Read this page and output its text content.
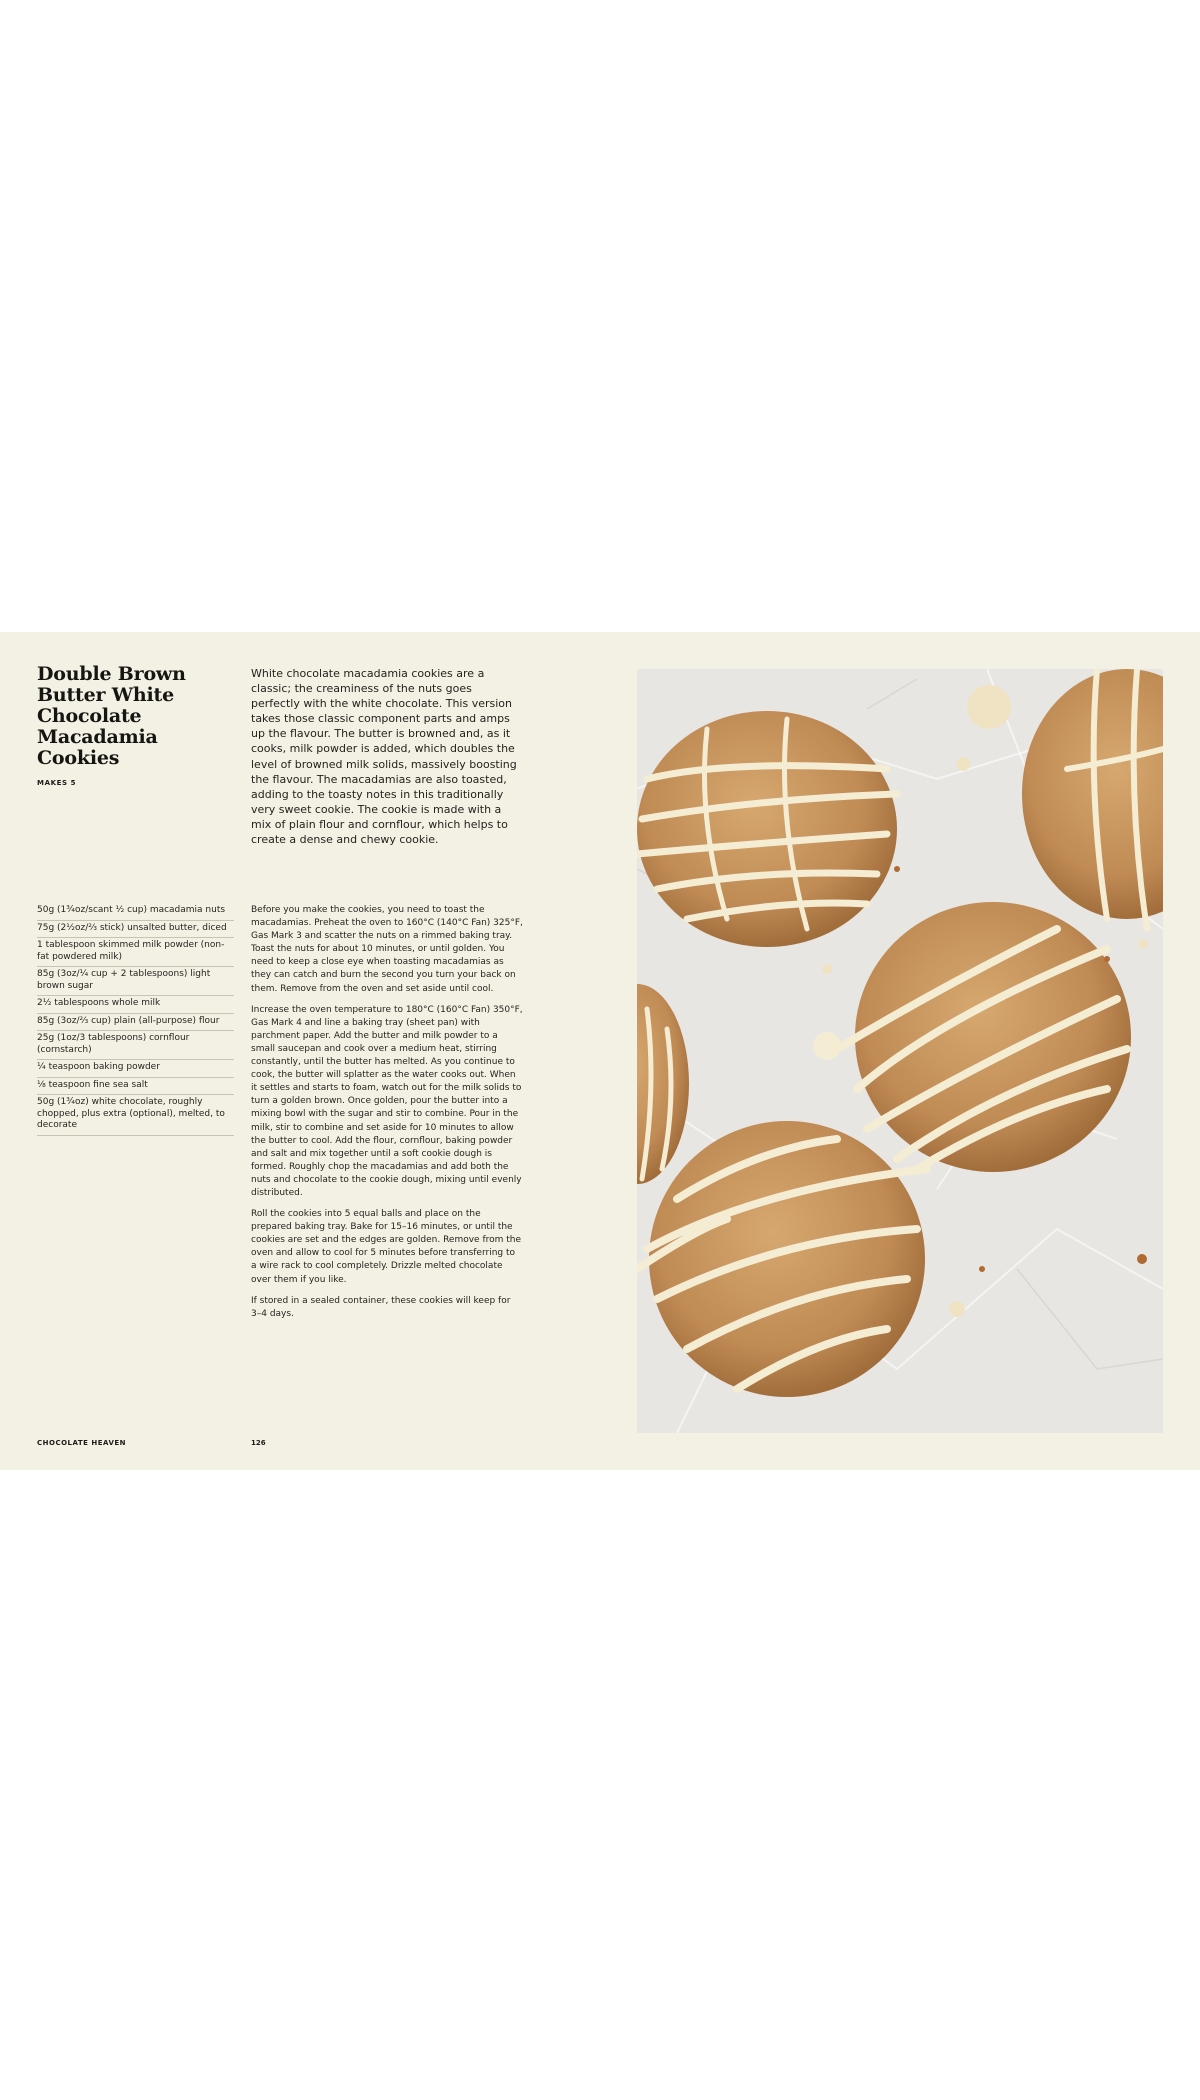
Double Brown Butter White Chocolate Macadamia Cookies
MAKES 5

White chocolate macadamia cookies are a classic; the creaminess of the nuts goes perfectly with the white chocolate. This version takes those classic component parts and amps up the flavour. The butter is browned and, as it cooks, milk powder is added, which doubles the level of browned milk solids, massively boosting the flavour. The macadamias are also toasted, adding to the toasty notes in this traditionally very sweet cookie. The cookie is made with a mix of plain flour and cornflour, which helps to create a dense and chewy cookie.

50g (1¾oz/scant ½ cup) macadamia nuts
75g (2½oz/⅔ stick) unsalted butter, diced
1 tablespoon skimmed milk powder (non-fat powdered milk)
85g (3oz/¼ cup + 2 tablespoons) light brown sugar
2½ tablespoons whole milk
85g (3oz/⅔ cup) plain (all-purpose) flour
25g (1oz/3 tablespoons) cornflour (cornstarch)
¼ teaspoon baking powder
⅛ teaspoon fine sea salt
50g (1¾oz) white chocolate, roughly chopped, plus extra (optional), melted, to decorate

Before you make the cookies, you need to toast the macadamias. Preheat the oven to 160°C (140°C Fan) 325°F, Gas Mark 3 and scatter the nuts on a rimmed baking tray. Toast the nuts for about 10 minutes, or until golden. You need to keep a close eye when toasting macadamias as they can catch and burn the second you turn your back on them. Remove from the oven and set aside until cool.

Increase the oven temperature to 180°C (160°C Fan) 350°F, Gas Mark 4 and line a baking tray (sheet pan) with parchment paper. Add the butter and milk powder to a small saucepan and cook over a medium heat, stirring constantly, until the butter has melted. As you continue to cook, the butter will splatter as the water cooks out. When it settles and starts to foam, watch out for the milk solids to turn a golden brown. Once golden, pour the butter into a mixing bowl with the sugar and stir to combine. Pour in the milk, stir to combine and set aside for 10 minutes to allow the butter to cool. Add the flour, cornflour, baking powder and salt and mix together until a soft cookie dough is formed. Roughly chop the macadamias and add both the nuts and chocolate to the cookie dough, mixing until evenly distributed.

Roll the cookies into 5 equal balls and place on the prepared baking tray. Bake for 15–16 minutes, or until the cookies are set and the edges are golden. Remove from the oven and allow to cool for 5 minutes before transferring to a wire rack to cool completely. Drizzle melted chocolate over them if you like.

If stored in a sealed container, these cookies will keep for 3–4 days.

CHOCOLATE HEAVEN	126
